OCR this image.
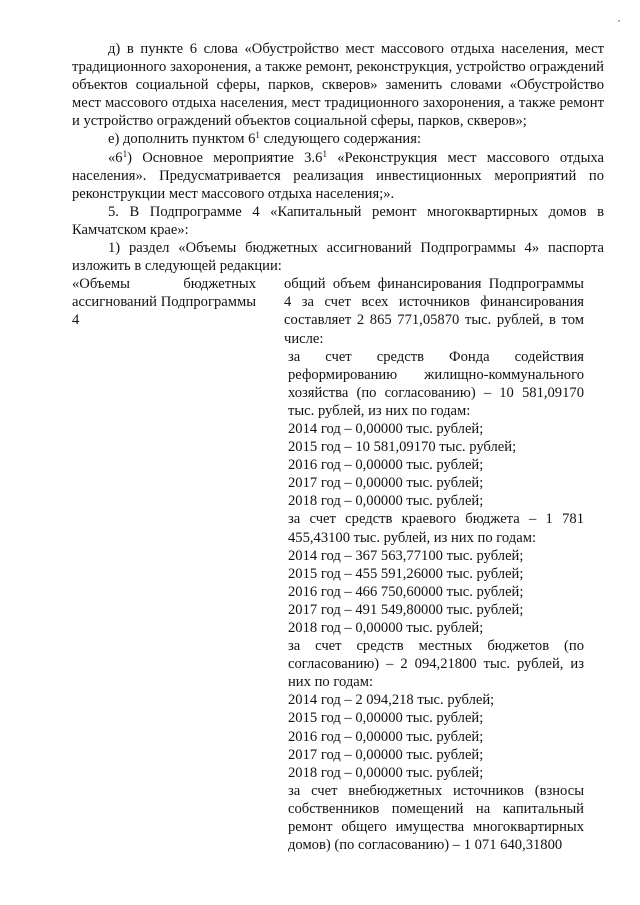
д) в пункте 6 слова «Обустройство мест массового отдыха населения, мест традиционного захоронения, а также ремонт, реконструкция, устройство ограждений объектов социальной сферы, парков, скверов» заменить словами «Обустройство мест массового отдыха населения, мест традиционного захоронения, а также ремонт и устройство ограждений объектов социальной сферы, парков, скверов»;

е) дополнить пунктом $6^1$ следующего содержания:

«$6^1$) Основное мероприятие $3.6^1$ «Реконструкция мест массового отдыха населения». Предусматривается реализация инвестиционных мероприятий по реконструкции мест массового отдыха населения;».

5. В Подпрограмме 4 «Капитальный ремонт многоквартирных домов в Камчатском крае»:

1) раздел «Объемы бюджетных ассигнований Подпрограммы 4» паспорта изложить в следующей редакции:

«Объемы бюджетных ассигнований Подпрограммы 4

общий объем финансирования Подпрограммы 4 за счет всех источников финансирования составляет 2 865 771,05870 тыс. рублей, в том числе:

за счет средств Фонда содействия реформированию жилищно-коммунального хозяйства (по согласованию) – 10 581,09170 тыс. рублей, из них по годам:

2014 год – 0,00000 тыс. рублей;

2015 год – 10 581,09170 тыс. рублей;

2016 год – 0,00000 тыс. рублей;

2017 год – 0,00000 тыс. рублей;

2018 год – 0,00000 тыс. рублей;

за счет средств краевого бюджета – 1 781 455,43100 тыс. рублей, из них по годам:

2014 год – 367 563,77100 тыс. рублей;

2015 год – 455 591,26000 тыс. рублей;

2016 год – 466 750,60000 тыс. рублей;

2017 год – 491 549,80000 тыс. рублей;

2018 год – 0,00000 тыс. рублей;

за счет средств местных бюджетов (по согласованию) – 2 094,21800 тыс. рублей, из них по годам:

2014 год – 2 094,218 тыс. рублей;

2015 год – 0,00000 тыс. рублей;

2016 год – 0,00000 тыс. рублей;

2017 год – 0,00000 тыс. рублей;

2018 год – 0,00000 тыс. рублей;

за счет внебюджетных источников (взносы собственников помещений на капитальный ремонт общего имущества многоквартирных домов) (по согласованию) – 1 071 640,31800
